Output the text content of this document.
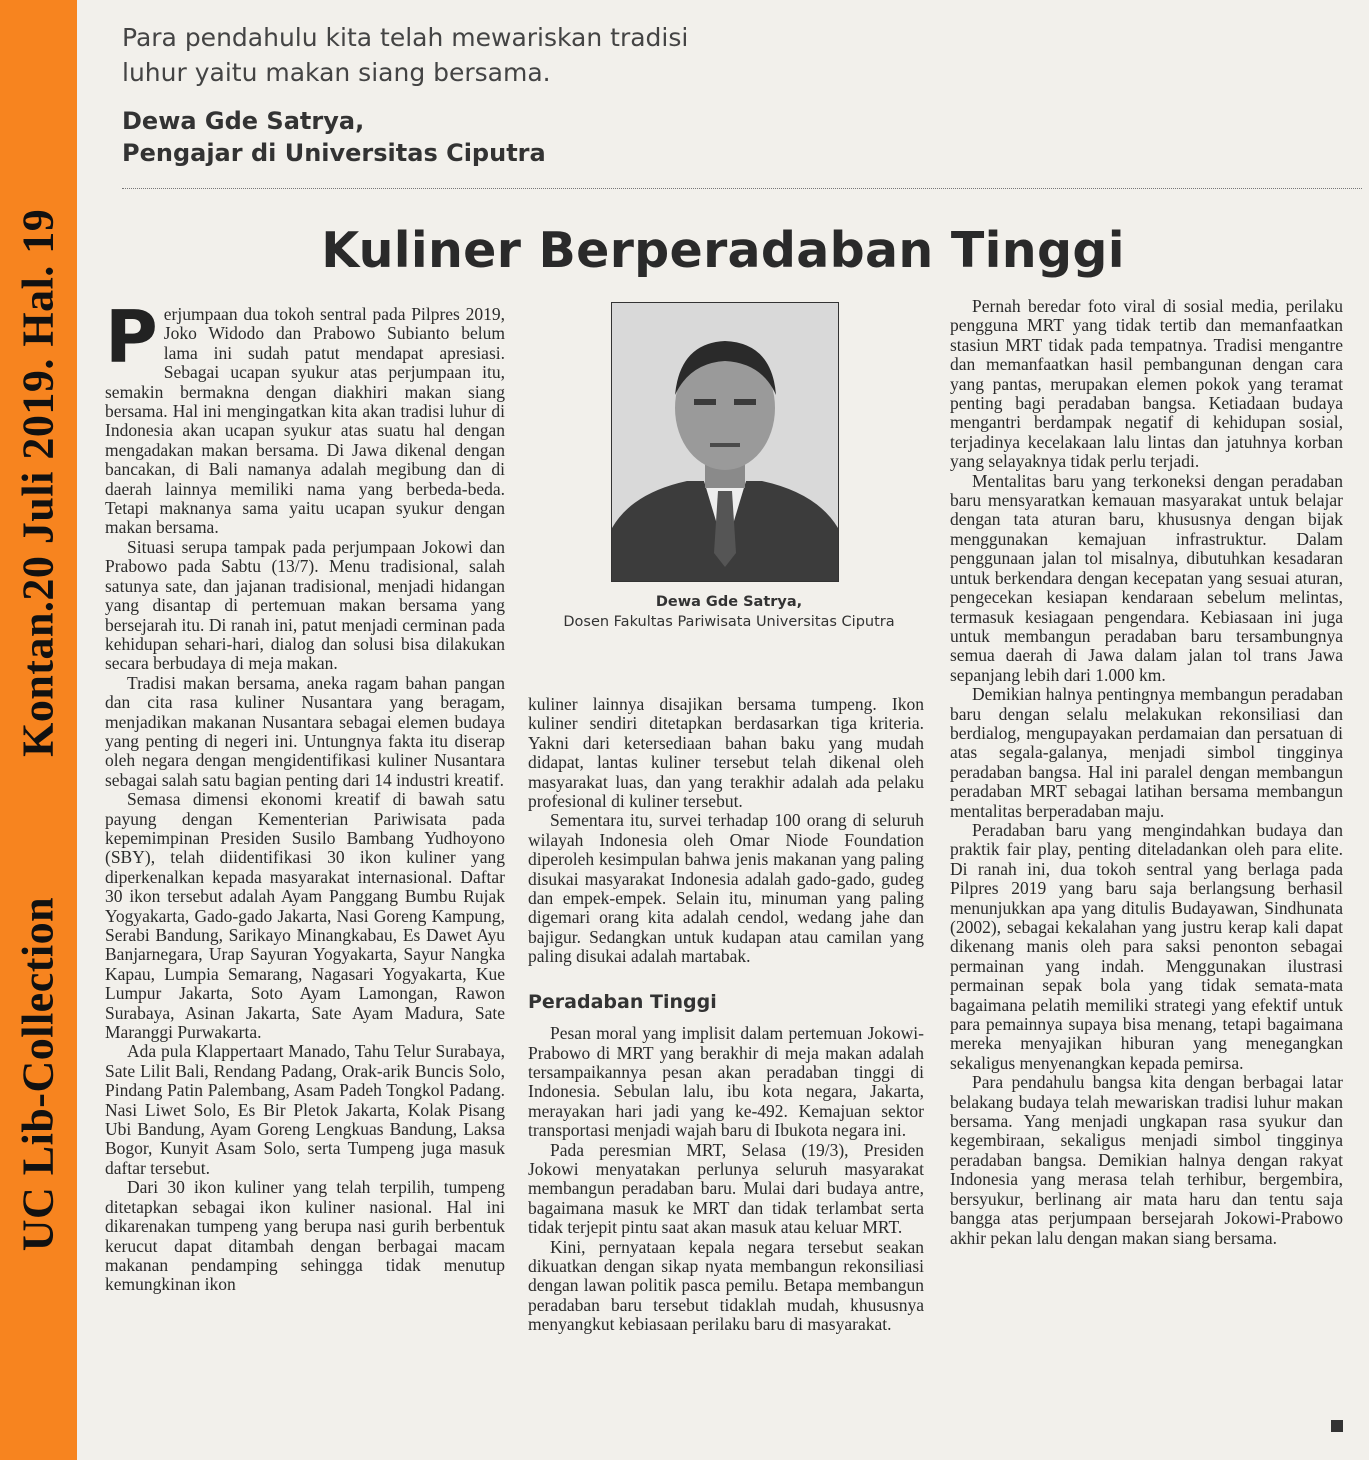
UC Lib-Collection
Kontan.20 Juli 2019. Hal. 19
Para pendahulu kita telah mewariskan tradisi
luhur yaitu makan siang bersama.
Dewa Gde Satrya,
Pengajar di Universitas Ciputra
Kuliner Berperadaban Tinggi

Perjumpaan dua tokoh sentral pada Pilpres 2019, Joko Widodo dan Prabowo Subianto belum lama ini sudah patut mendapat apresiasi. Sebagai ucapan syukur atas perjumpaan itu, semakin bermakna dengan diakhiri makan siang bersama. Hal ini mengingatkan kita akan tradisi luhur di Indonesia akan ucapan syukur atas suatu hal dengan mengadakan makan bersama. Di Jawa dikenal dengan bancakan, di Bali namanya adalah megibung dan di daerah lainnya memiliki nama yang berbeda-beda. Tetapi maknanya sama yaitu ucapan syukur dengan makan bersama.

Situasi serupa tampak pada perjumpaan Jokowi dan Prabowo pada Sabtu (13/7). Menu tradisional, salah satunya sate, dan jajanan tradisional, menjadi hidangan yang disantap di pertemuan makan bersama yang bersejarah itu. Di ranah ini, patut menjadi cerminan pada kehidupan sehari-hari, dialog dan solusi bisa dilakukan secara berbudaya di meja makan.

Tradisi makan bersama, aneka ragam bahan pangan dan cita rasa kuliner Nusantara yang beragam, menjadikan makanan Nusantara sebagai elemen budaya yang penting di negeri ini. Untungnya fakta itu diserap oleh negara dengan mengidentifikasi kuliner Nusantara sebagai salah satu bagian penting dari 14 industri kreatif.

Semasa dimensi ekonomi kreatif di bawah satu payung dengan Kementerian Pariwisata pada kepemimpinan Presiden Susilo Bambang Yudhoyono (SBY), telah diidentifikasi 30 ikon kuliner yang diperkenalkan kepada masyarakat internasional. Daftar 30 ikon tersebut adalah Ayam Panggang Bumbu Rujak Yogyakarta, Gado-gado Jakarta, Nasi Goreng Kampung, Serabi Bandung, Sarikayo Minangkabau, Es Dawet Ayu Banjarnegara, Urap Sayuran Yogyakarta, Sayur Nangka Kapau, Lumpia Semarang, Nagasari Yogyakarta, Kue Lumpur Jakarta, Soto Ayam Lamongan, Rawon Surabaya, Asinan Jakarta, Sate Ayam Madura, Sate Maranggi Purwakarta.

Ada pula Klappertaart Manado, Tahu Telur Surabaya, Sate Lilit Bali, Rendang Padang, Orak-arik Buncis Solo, Pindang Patin Palembang, Asam Padeh Tongkol Padang. Nasi Liwet Solo, Es Bir Pletok Jakarta, Kolak Pisang Ubi Bandung, Ayam Goreng Lengkuas Bandung, Laksa Bogor, Kunyit Asam Solo, serta Tumpeng juga masuk daftar tersebut.

Dari 30 ikon kuliner yang telah terpilih, tumpeng ditetapkan sebagai ikon kuliner nasional. Hal ini dikarenakan tumpeng yang berupa nasi gurih berbentuk kerucut dapat ditambah dengan berbagai macam makanan pendamping sehingga tidak menutup kemungkinan ikon

Dewa Gde Satrya,
Dosen Fakultas Pariwisata Universitas Ciputra

kuliner lainnya disajikan bersama tumpeng. Ikon kuliner sendiri ditetapkan berdasarkan tiga kriteria. Yakni dari ketersediaan bahan baku yang mudah didapat, lantas kuliner tersebut telah dikenal oleh masyarakat luas, dan yang terakhir adalah ada pelaku profesional di kuliner tersebut.

Sementara itu, survei terhadap 100 orang di seluruh wilayah Indonesia oleh Omar Niode Foundation diperoleh kesimpulan bahwa jenis makanan yang paling disukai masyarakat Indonesia adalah gado-gado, gudeg dan empek-empek. Selain itu, minuman yang paling digemari orang kita adalah cendol, wedang jahe dan bajigur. Sedangkan untuk kudapan atau camilan yang paling disukai adalah martabak.

Peradaban Tinggi

Pesan moral yang implisit dalam pertemuan Jokowi-Prabowo di MRT yang berakhir di meja makan adalah tersampaikannya pesan akan peradaban tinggi di Indonesia. Sebulan lalu, ibu kota negara, Jakarta, merayakan hari jadi yang ke-492. Kemajuan sektor transportasi menjadi wajah baru di Ibukota negara ini.

Pada peresmian MRT, Selasa (19/3), Presiden Jokowi menyatakan perlunya seluruh masyarakat membangun peradaban baru. Mulai dari budaya antre, bagaimana masuk ke MRT dan tidak terlambat serta tidak terjepit pintu saat akan masuk atau keluar MRT.

Kini, pernyataan kepala negara tersebut seakan dikuatkan dengan sikap nyata membangun rekonsiliasi dengan lawan politik pasca pemilu. Betapa membangun peradaban baru tersebut tidaklah mudah, khususnya menyangkut kebiasaan perilaku baru di masyarakat.

Pernah beredar foto viral di sosial media, perilaku pengguna MRT yang tidak tertib dan memanfaatkan stasiun MRT tidak pada tempatnya. Tradisi mengantre dan memanfaatkan hasil pembangunan dengan cara yang pantas, merupakan elemen pokok yang teramat penting bagi peradaban bangsa. Ketiadaan budaya mengantri berdampak negatif di kehidupan sosial, terjadinya kecelakaan lalu lintas dan jatuhnya korban yang selayaknya tidak perlu terjadi.

Mentalitas baru yang terkoneksi dengan peradaban baru mensyaratkan kemauan masyarakat untuk belajar dengan tata aturan baru, khususnya dengan bijak menggunakan kemajuan infrastruktur. Dalam penggunaan jalan tol misalnya, dibutuhkan kesadaran untuk berkendara dengan kecepatan yang sesuai aturan, pengecekan kesiapan kendaraan sebelum melintas, termasuk kesiagaan pengendara. Kebiasaan ini juga untuk membangun peradaban baru tersambungnya semua daerah di Jawa dalam jalan tol trans Jawa sepanjang lebih dari 1.000 km.

Demikian halnya pentingnya membangun peradaban baru dengan selalu melakukan rekonsiliasi dan berdialog, mengupayakan perdamaian dan persatuan di atas segala-galanya, menjadi simbol tingginya peradaban bangsa. Hal ini paralel dengan membangun peradaban MRT sebagai latihan bersama membangun mentalitas berperadaban maju.

Peradaban baru yang mengindahkan budaya dan praktik fair play, penting diteladankan oleh para elite. Di ranah ini, dua tokoh sentral yang berlaga pada Pilpres 2019 yang baru saja berlangsung berhasil menunjukkan apa yang ditulis Budayawan, Sindhunata (2002), sebagai kekalahan yang justru kerap kali dapat dikenang manis oleh para saksi penonton sebagai permainan yang indah. Menggunakan ilustrasi permainan sepak bola yang tidak semata-mata bagaimana pelatih memiliki strategi yang efektif untuk para pemainnya supaya bisa menang, tetapi bagaimana mereka menyajikan hiburan yang menegangkan sekaligus menyenangkan kepada pemirsa.

Para pendahulu bangsa kita dengan berbagai latar belakang budaya telah mewariskan tradisi luhur makan bersama. Yang menjadi ungkapan rasa syukur dan kegembiraan, sekaligus menjadi simbol tingginya peradaban bangsa. Demikian halnya dengan rakyat Indonesia yang merasa telah terhibur, bergembira, bersyukur, berlinang air mata haru dan tentu saja bangga atas perjumpaan bersejarah Jokowi-Prabowo akhir pekan lalu dengan makan siang bersama.
